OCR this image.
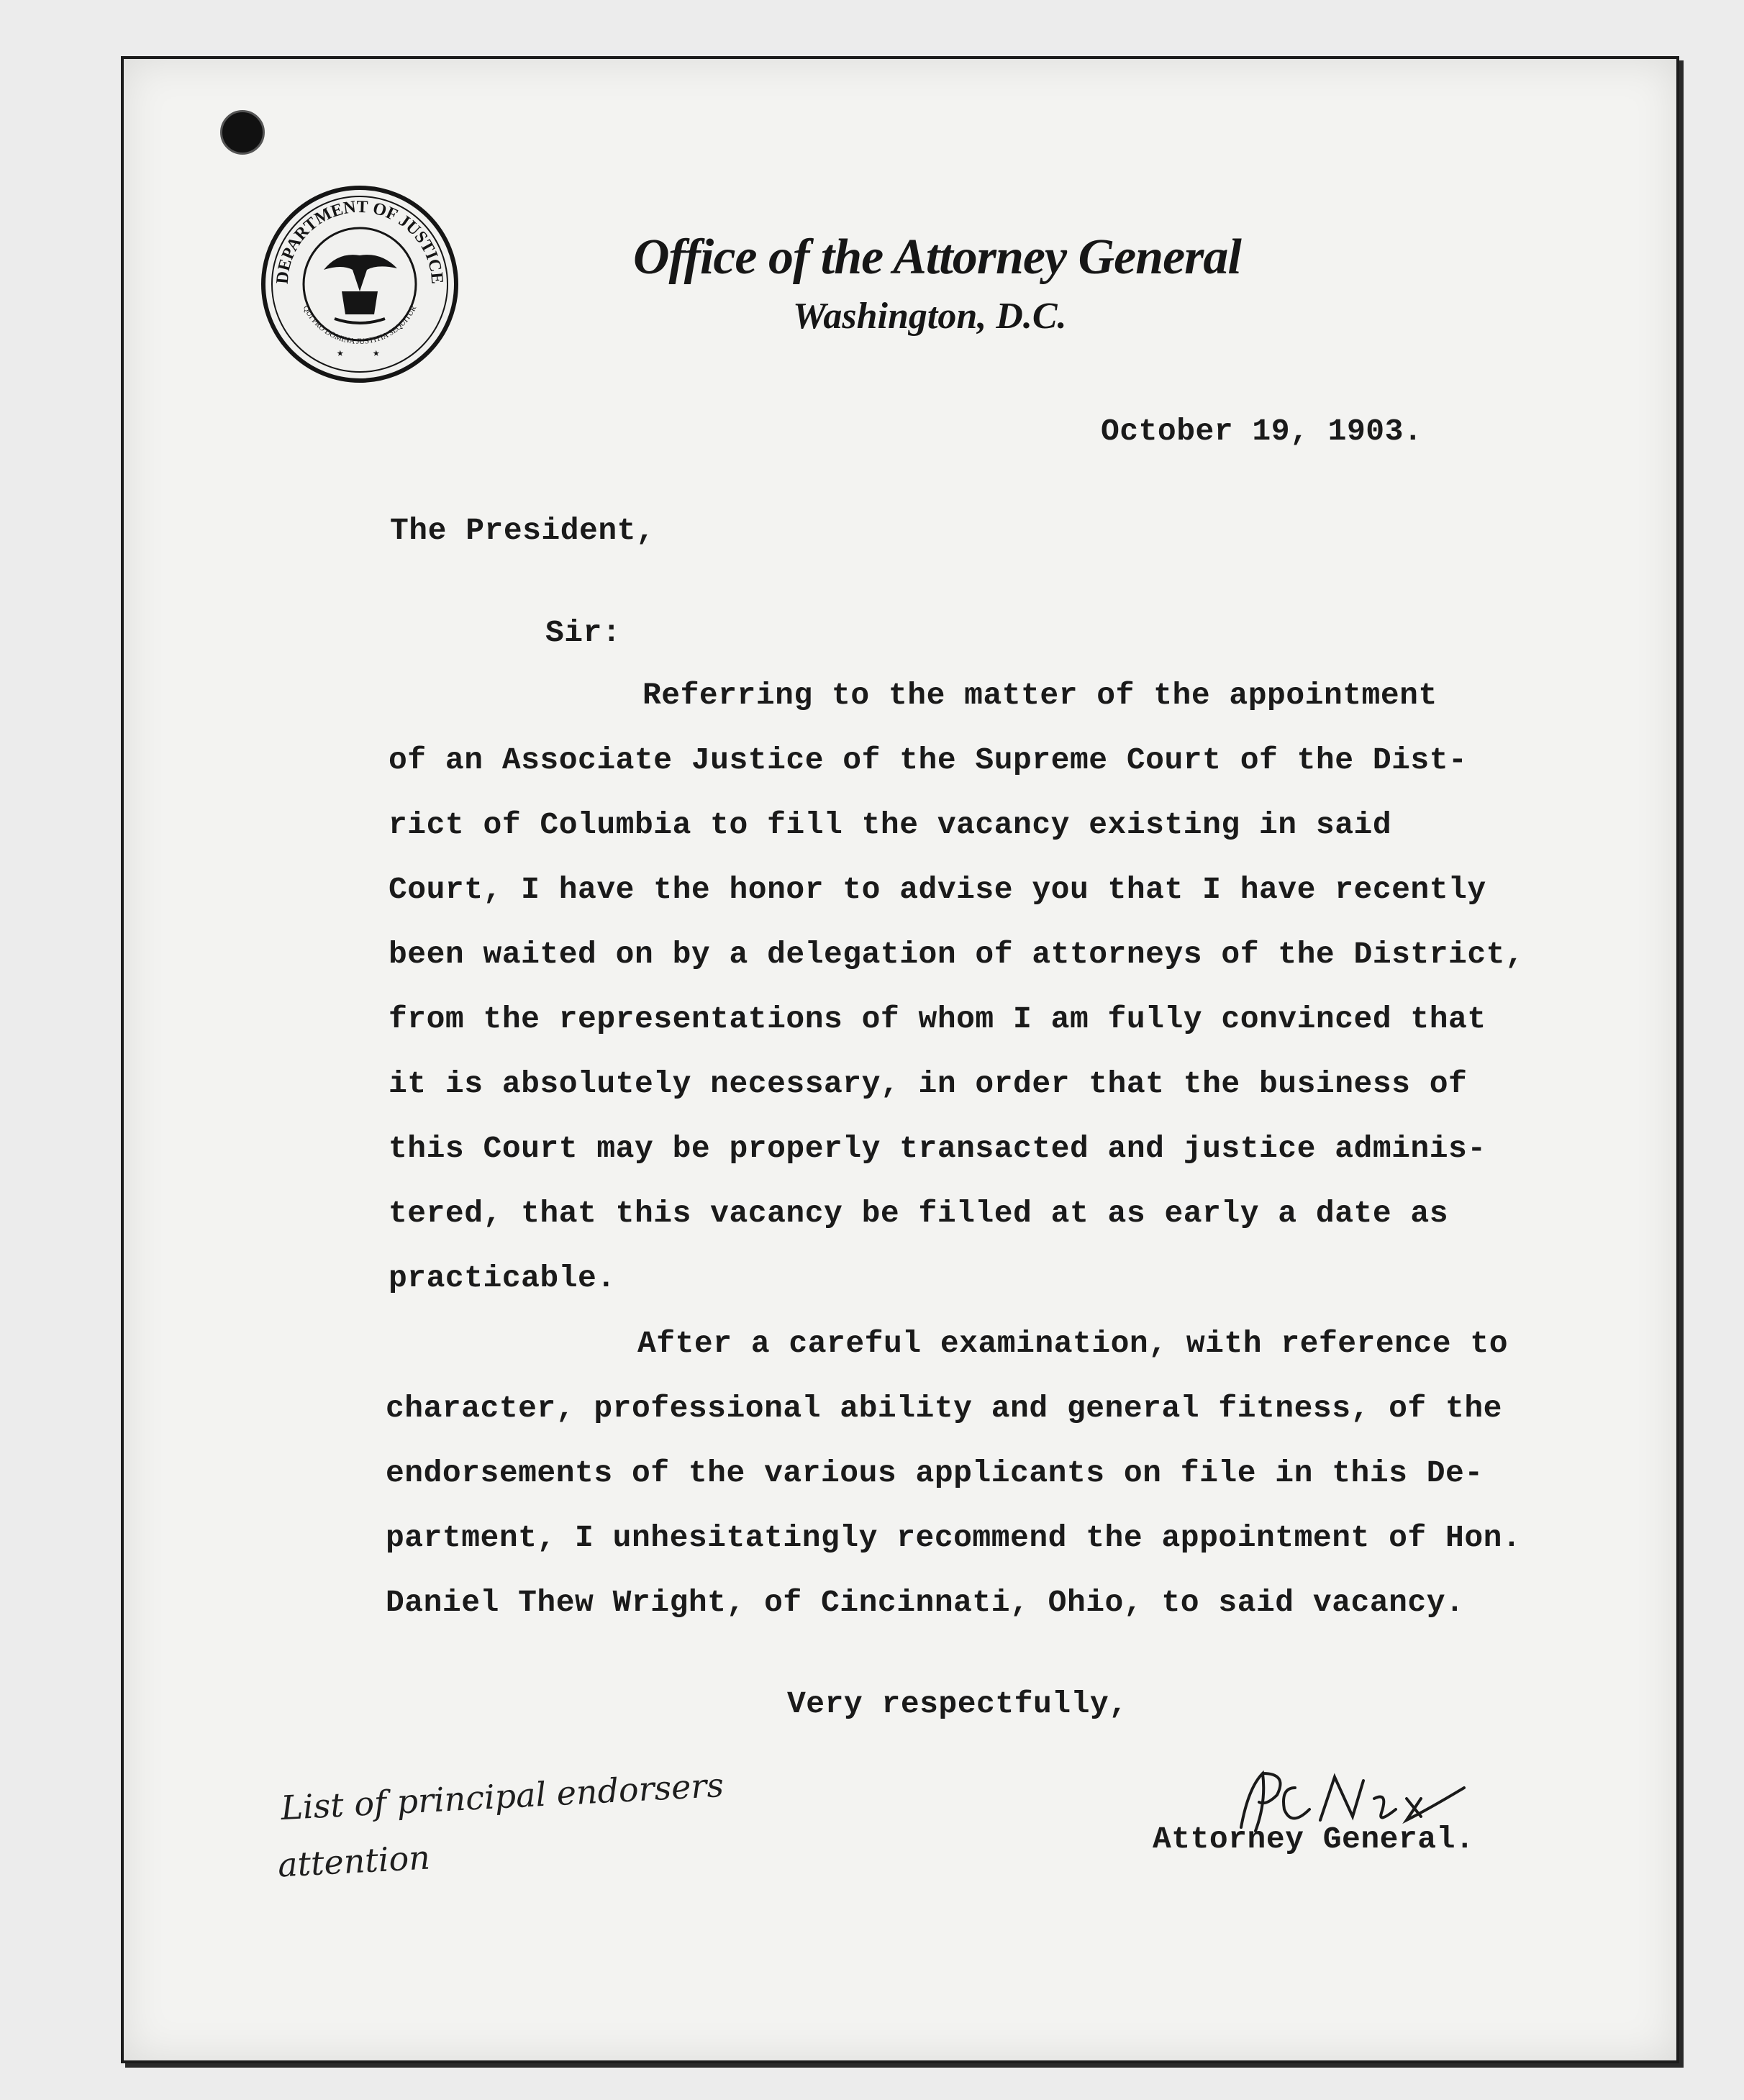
DEPARTMENT OF JUSTICE
QUI PRO DOMINA JUSTITIA SEQUITUR
★	★
Office of the Attorney General
Washington, D.C.
October 19, 1903.
The President,
Sir:
Referring to the matter of the appointment
of an Associate Justice of the Supreme Court of the Dist-
rict of Columbia to fill the vacancy existing in said
Court, I have the honor to advise you that I have recently
been waited on by a delegation of attorneys of the District,
from the representations of whom I am fully convinced that
it is absolutely necessary, in order that the business of
this Court may be properly transacted and justice adminis-
tered, that this vacancy be filled at as early a date as
practicable.
After a careful examination, with reference to
character, professional ability and general fitness, of the
endorsements of the various applicants on file in this De-
partment, I unhesitatingly recommend the appointment of Hon.
Daniel Thew Wright, of Cincinnati, Ohio, to said vacancy.
Very respectfully,
Attorney General.
List of principal endorsers
attention
